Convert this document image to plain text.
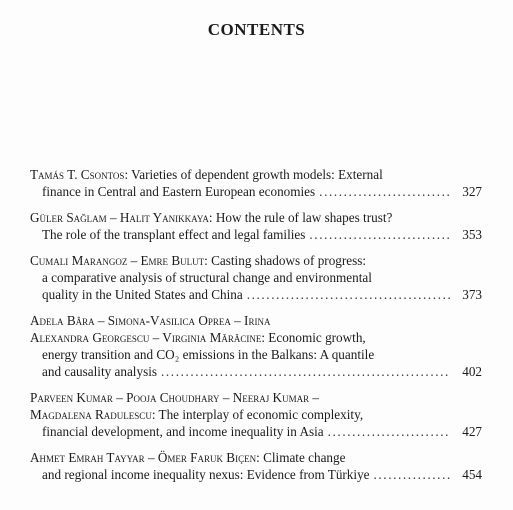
CONTENTS
Tamás T. Csontos: Varieties of dependent growth models: External
finance in Central and Eastern European economies .....	327
Güler Sağlam – Halit Yanikkaya: How the rule of law shapes trust?
The role of the transplant effect and legal families .....	353
Cumali Marangoz – Emre Bulut: Casting shadows of progress:
a comparative analysis of structural change and environmental
quality in the United States and China .....	373
Adela Bâra – Simona-Vasilica Oprea – Irina
Alexandra Georgescu – Virginia Mărăcine: Economic growth,
energy transition and CO₂ emissions in the Balkans: A quantile
and causality analysis .....	402
Parveen Kumar – Pooja Choudhary – Neeraj Kumar –
Magdalena Radulescu: The interplay of economic complexity,
financial development, and income inequality in Asia .....	427
Ahmet Emrah Tayyar – Ömer Faruk Biçen: Climate change
and regional income inequality nexus: Evidence from Türkiye .....	454
